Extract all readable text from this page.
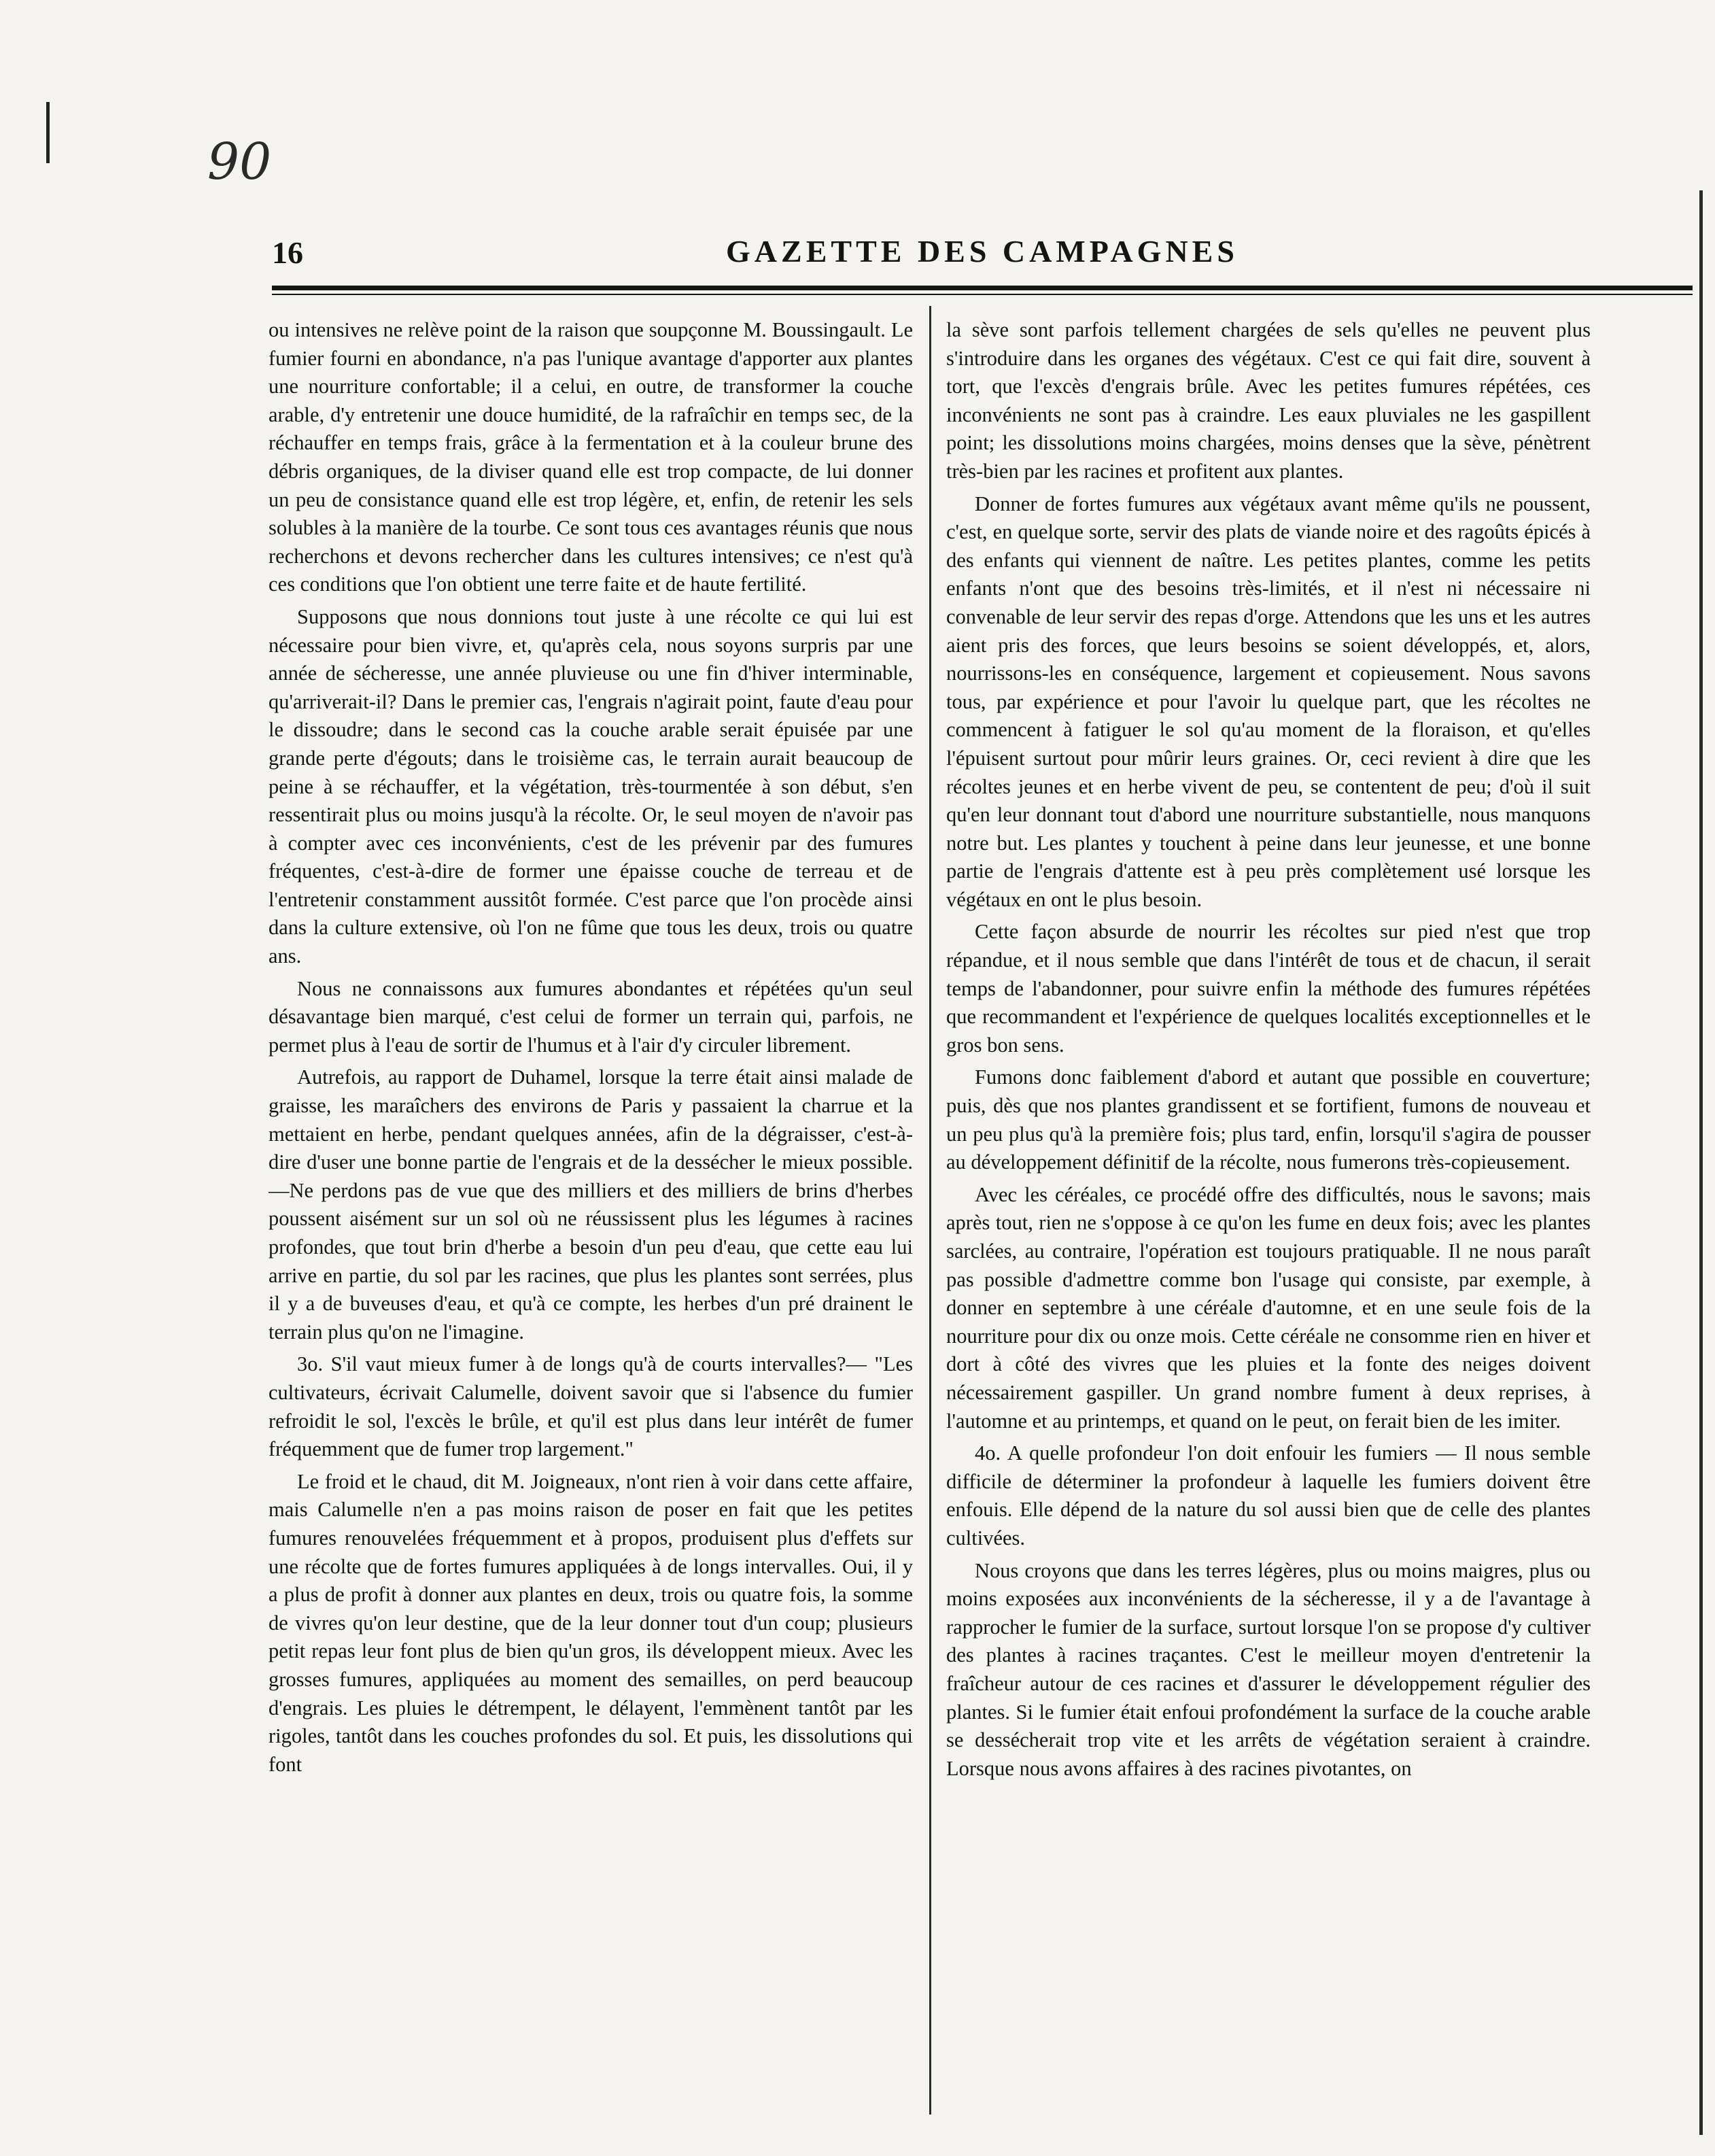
90
16	GAZETTE DES CAMPAGNES

ou intensives ne relève point de la raison que soupçonne M. Boussingault. Le fumier fourni en abondance, n'a pas l'unique avantage d'apporter aux plantes une nourriture confortable; il a celui, en outre, de transformer la couche arable, d'y entretenir une douce humidité, de la rafraîchir en temps sec, de la réchauffer en temps frais, grâce à la fermentation et à la couleur brune des débris organiques, de la diviser quand elle est trop compacte, de lui donner un peu de consistance quand elle est trop légère, et, enfin, de retenir les sels solubles à la manière de la tourbe. Ce sont tous ces avantages réunis que nous recherchons et devons rechercher dans les cultures intensives; ce n'est qu'à ces conditions que l'on obtient une terre faite et de haute fertilité.

Supposons que nous donnions tout juste à une récolte ce qui lui est nécessaire pour bien vivre, et, qu'après cela, nous soyons surpris par une année de sécheresse, une année pluvieuse ou une fin d'hiver interminable, qu'arriverait-il? Dans le premier cas, l'engrais n'agirait point, faute d'eau pour le dissoudre; dans le second cas la couche arable serait épuisée par une grande perte d'égouts; dans le troisième cas, le terrain aurait beaucoup de peine à se réchauffer, et la végétation, très-tourmentée à son début, s'en ressentirait plus ou moins jusqu'à la récolte. Or, le seul moyen de n'avoir pas à compter avec ces inconvénients, c'est de les prévenir par des fumures fréquentes, c'est-à-dire de former une épaisse couche de terreau et de l'entretenir constamment aussitôt formée. C'est parce que l'on procède ainsi dans la culture extensive, où l'on ne fûme que tous les deux, trois ou quatre ans.

Nous ne connaissons aux fumures abondantes et répétées qu'un seul désavantage bien marqué, c'est celui de former un terrain qui, parfois, ne permet plus à l'eau de sortir de l'humus et à l'air d'y circuler librement.

Autrefois, au rapport de Duhamel, lorsque la terre était ainsi malade de graisse, les maraîchers des environs de Paris y passaient la charrue et la mettaient en herbe, pendant quelques années, afin de la dégraisser, c'est-à-dire d'user une bonne partie de l'engrais et de la dessécher le mieux possible.—Ne perdons pas de vue que des milliers et des milliers de brins d'herbes poussent aisément sur un sol où ne réussissent plus les légumes à racines profondes, que tout brin d'herbe a besoin d'un peu d'eau, que cette eau lui arrive en partie, du sol par les racines, que plus les plantes sont serrées, plus il y a de buveuses d'eau, et qu'à ce compte, les herbes d'un pré drainent le terrain plus qu'on ne l'imagine.

3o. S'il vaut mieux fumer à de longs qu'à de courts intervalles?— "Les cultivateurs, écrivait Calumelle, doivent savoir que si l'absence du fumier refroidit le sol, l'excès le brûle, et qu'il est plus dans leur intérêt de fumer fréquemment que de fumer trop largement."

Le froid et le chaud, dit M. Joigneaux, n'ont rien à voir dans cette affaire, mais Calumelle n'en a pas moins raison de poser en fait que les petites fumures renouvelées fréquemment et à propos, produisent plus d'effets sur une récolte que de fortes fumures appliquées à de longs intervalles. Oui, il y a plus de profit à donner aux plantes en deux, trois ou quatre fois, la somme de vivres qu'on leur destine, que de la leur donner tout d'un coup; plusieurs petit repas leur font plus de bien qu'un gros, ils développent mieux. Avec les grosses fumures, appliquées au moment des semailles, on perd beaucoup d'engrais. Les pluies le détrempent, le délayent, l'emmènent tantôt par les rigoles, tantôt dans les couches profondes du sol. Et puis, les dissolutions qui font

la sève sont parfois tellement chargées de sels qu'elles ne peuvent plus s'introduire dans les organes des végétaux. C'est ce qui fait dire, souvent à tort, que l'excès d'engrais brûle. Avec les petites fumures répétées, ces inconvénients ne sont pas à craindre. Les eaux pluviales ne les gaspillent point; les dissolutions moins chargées, moins denses que la sève, pénètrent très-bien par les racines et profitent aux plantes.

Donner de fortes fumures aux végétaux avant même qu'ils ne poussent, c'est, en quelque sorte, servir des plats de viande noire et des ragoûts épicés à des enfants qui viennent de naître. Les petites plantes, comme les petits enfants n'ont que des besoins très-limités, et il n'est ni nécessaire ni convenable de leur servir des repas d'orge. Attendons que les uns et les autres aient pris des forces, que leurs besoins se soient développés, et, alors, nourrissons-les en conséquence, largement et copieusement. Nous savons tous, par expérience et pour l'avoir lu quelque part, que les récoltes ne commencent à fatiguer le sol qu'au moment de la floraison, et qu'elles l'épuisent surtout pour mûrir leurs graines. Or, ceci revient à dire que les récoltes jeunes et en herbe vivent de peu, se contentent de peu; d'où il suit qu'en leur donnant tout d'abord une nourriture substantielle, nous manquons notre but. Les plantes y touchent à peine dans leur jeunesse, et une bonne partie de l'engrais d'attente est à peu près complètement usé lorsque les végétaux en ont le plus besoin.

Cette façon absurde de nourrir les récoltes sur pied n'est que trop répandue, et il nous semble que dans l'intérêt de tous et de chacun, il serait temps de l'abandonner, pour suivre enfin la méthode des fumures répétées que recommandent et l'expérience de quelques localités exceptionnelles et le gros bon sens.

Fumons donc faiblement d'abord et autant que possible en couverture; puis, dès que nos plantes grandissent et se fortifient, fumons de nouveau et un peu plus qu'à la première fois; plus tard, enfin, lorsqu'il s'agira de pousser au développement définitif de la récolte, nous fumerons très-copieusement.

Avec les céréales, ce procédé offre des difficultés, nous le savons; mais après tout, rien ne s'oppose à ce qu'on les fume en deux fois; avec les plantes sarclées, au contraire, l'opération est toujours pratiquable. Il ne nous paraît pas possible d'admettre comme bon l'usage qui consiste, par exemple, à donner en septembre à une céréale d'automne, et en une seule fois de la nourriture pour dix ou onze mois. Cette céréale ne consomme rien en hiver et dort à côté des vivres que les pluies et la fonte des neiges doivent nécessairement gaspiller. Un grand nombre fument à deux reprises, à l'automne et au printemps, et quand on le peut, on ferait bien de les imiter.

4o. A quelle profondeur l'on doit enfouir les fumiers — Il nous semble difficile de déterminer la profondeur à laquelle les fumiers doivent être enfouis. Elle dépend de la nature du sol aussi bien que de celle des plantes cultivées.

Nous croyons que dans les terres légères, plus ou moins maigres, plus ou moins exposées aux inconvénients de la sécheresse, il y a de l'avantage à rapprocher le fumier de la surface, surtout lorsque l'on se propose d'y cultiver des plantes à racines traçantes. C'est le meilleur moyen d'entretenir la fraîcheur autour de ces racines et d'assurer le développement régulier des plantes. Si le fumier était enfoui profondément la surface de la couche arable se dessécherait trop vite et les arrêts de végétation seraient à craindre. Lorsque nous avons affaires à des racines pivotantes, on
